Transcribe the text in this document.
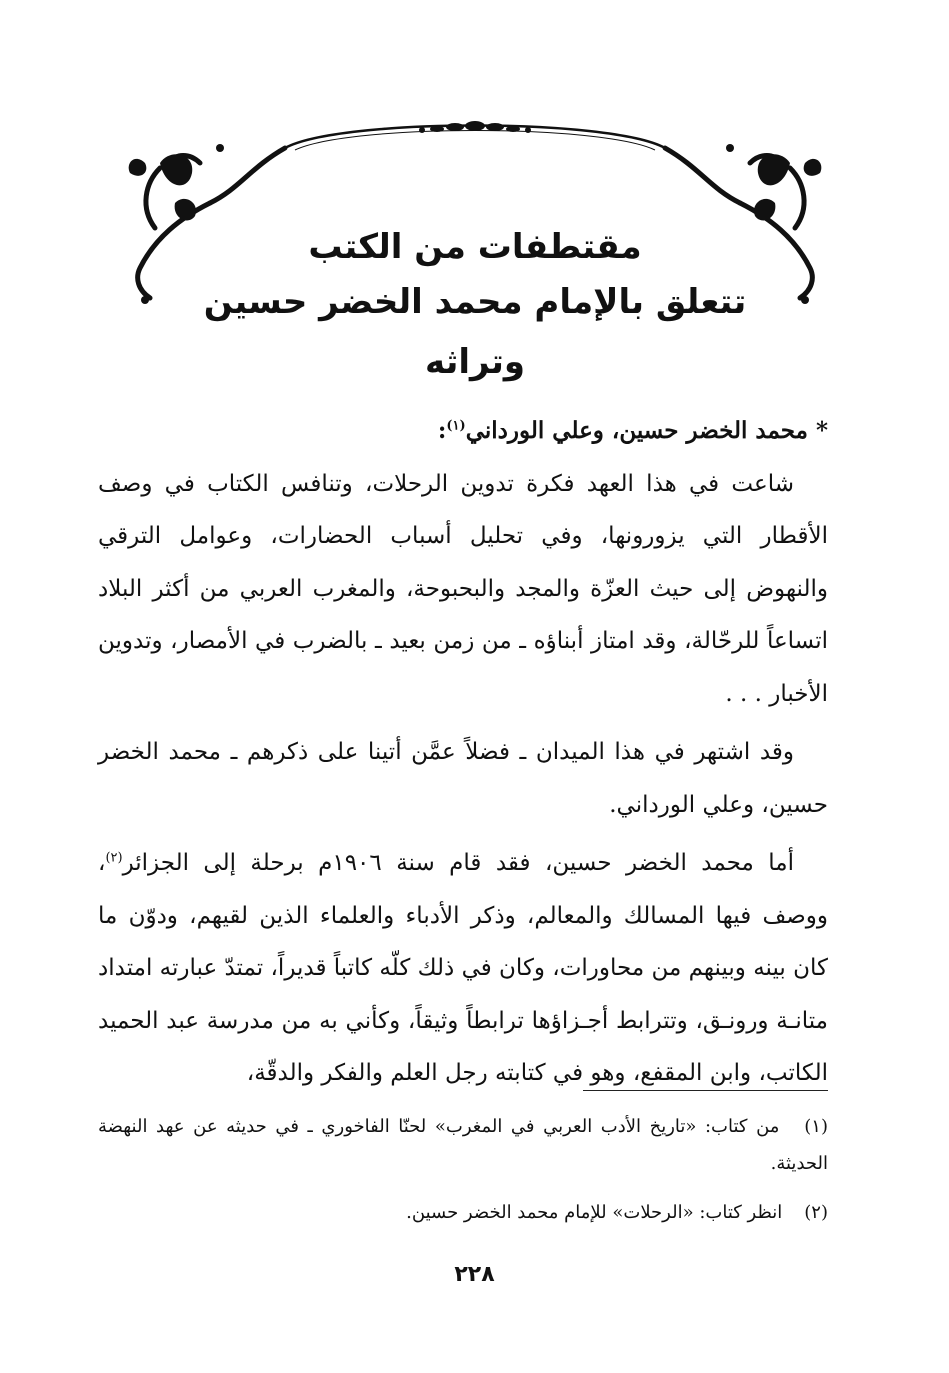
مقتطفات من الكتب
تتعلق بالإمام محمد الخضر حسين وتراثه

* محمد الخضر حسين، وعلي الورداني$^{(١)}$:

شاعت في هذا العهد فكرة تدوين الرحلات، وتنافس الكتاب في وصف الأقطار التي يزورونها، وفي تحليل أسباب الحضارات، وعوامل الترقي والنهوض إلى حيث العزّة والمجد والبحبوحة، والمغرب العربي من أكثر البلاد اتساعاً للرحّالة، وقد امتاز أبناؤه ـ من زمن بعيد ـ بالضرب في الأمصار، وتدوين الأخبار . . .

وقد اشتهر في هذا الميدان ـ فضلاً عمَّن أتينا على ذكرهم ـ محمد الخضر حسين، وعلي الورداني.

أما محمد الخضر حسين، فقد قام سنة ١٩٠٦م برحلة إلى الجزائر$^{(٢)}$، ووصف فيها المسالك والمعالم، وذكر الأدباء والعلماء الذين لقيهم، ودوّن ما كان بينه وبينهم من محاورات، وكان في ذلك كلّه كاتباً قديراً، تمتدّ عبارته امتداد متانـة ورونـق، وتترابط أجـزاؤها ترابطاً وثيقاً، وكأني به من مدرسة عبد الحميد الكاتب، وابن المقفع، وهو في كتابته رجل العلم والفكر والدقّة،

(١) من كتاب: «تاريخ الأدب العربي في المغرب» لحنّا الفاخوري ـ في حديثه عن عهد النهضة الحديثة.

(٢) انظر كتاب: «الرحلات» للإمام محمد الخضر حسين.

٢٢٨
